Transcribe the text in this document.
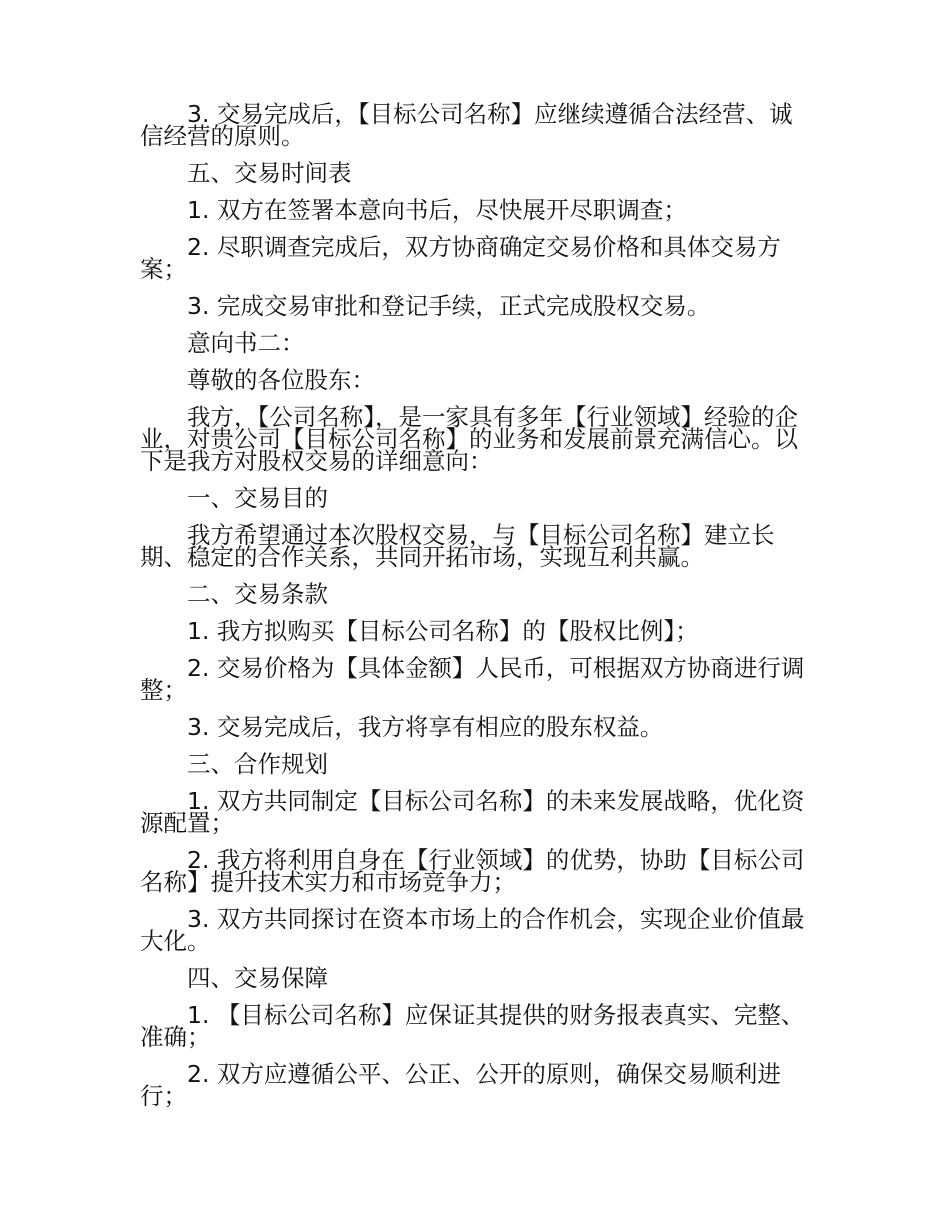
3. 交易完成后，【目标公司名称】应继续遵循合法经营、诚信经营的原则。

五、交易时间表

1. 双方在签署本意向书后，尽快展开尽职调查；

2. 尽职调查完成后，双方协商确定交易价格和具体交易方案；

3. 完成交易审批和登记手续，正式完成股权交易。

意向书二：

尊敬的各位股东：

我方，【公司名称】，是一家具有多年【行业领域】经验的企业，对贵公司【目标公司名称】的业务和发展前景充满信心。以下是我方对股权交易的详细意向：

一、交易目的

我方希望通过本次股权交易，与【目标公司名称】建立长期、稳定的合作关系，共同开拓市场，实现互利共赢。

二、交易条款

1. 我方拟购买【目标公司名称】的【股权比例】；

2. 交易价格为【具体金额】人民币，可根据双方协商进行调整；

3. 交易完成后，我方将享有相应的股东权益。

三、合作规划

1. 双方共同制定【目标公司名称】的未来发展战略，优化资源配置；

2. 我方将利用自身在【行业领域】的优势，协助【目标公司名称】提升技术实力和市场竞争力；

3. 双方共同探讨在资本市场上的合作机会，实现企业价值最大化。

四、交易保障

1. 【目标公司名称】应保证其提供的财务报表真实、完整、准确；

2. 双方应遵循公平、公正、公开的原则，确保交易顺利进行；
